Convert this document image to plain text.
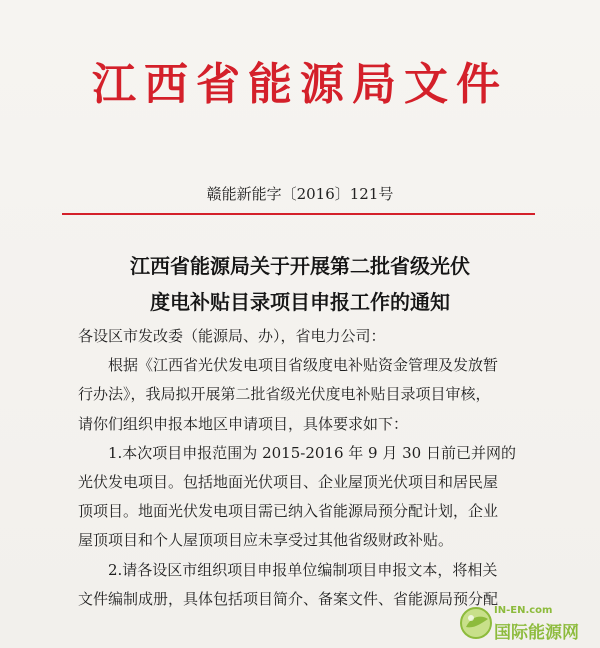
江西省能源局文件
赣能新能字〔2016〕121号
江西省能源局关于开展第二批省级光伏
度电补贴目录项目申报工作的通知

各设区市发改委（能源局、办），省电力公司：

根据《江西省光伏发电项目省级度电补贴资金管理及发放暂

行办法》，我局拟开展第二批省级光伏度电补贴目录项目审核，

请你们组织申报本地区申请项目，具体要求如下：

1.本次项目申报范围为 2015-2016 年 9 月 30 日前已并网的

光伏发电项目。包括地面光伏项目、企业屋顶光伏项目和居民屋

顶项目。地面光伏发电项目需已纳入省能源局预分配计划，企业

屋顶项目和个人屋顶项目应未享受过其他省级财政补贴。

2.请各设区市组织项目申报单位编制项目申报文本，将相关

文件编制成册，具体包括项目简介、备案文件、省能源局预分配

IN-EN.com
国际能源网
